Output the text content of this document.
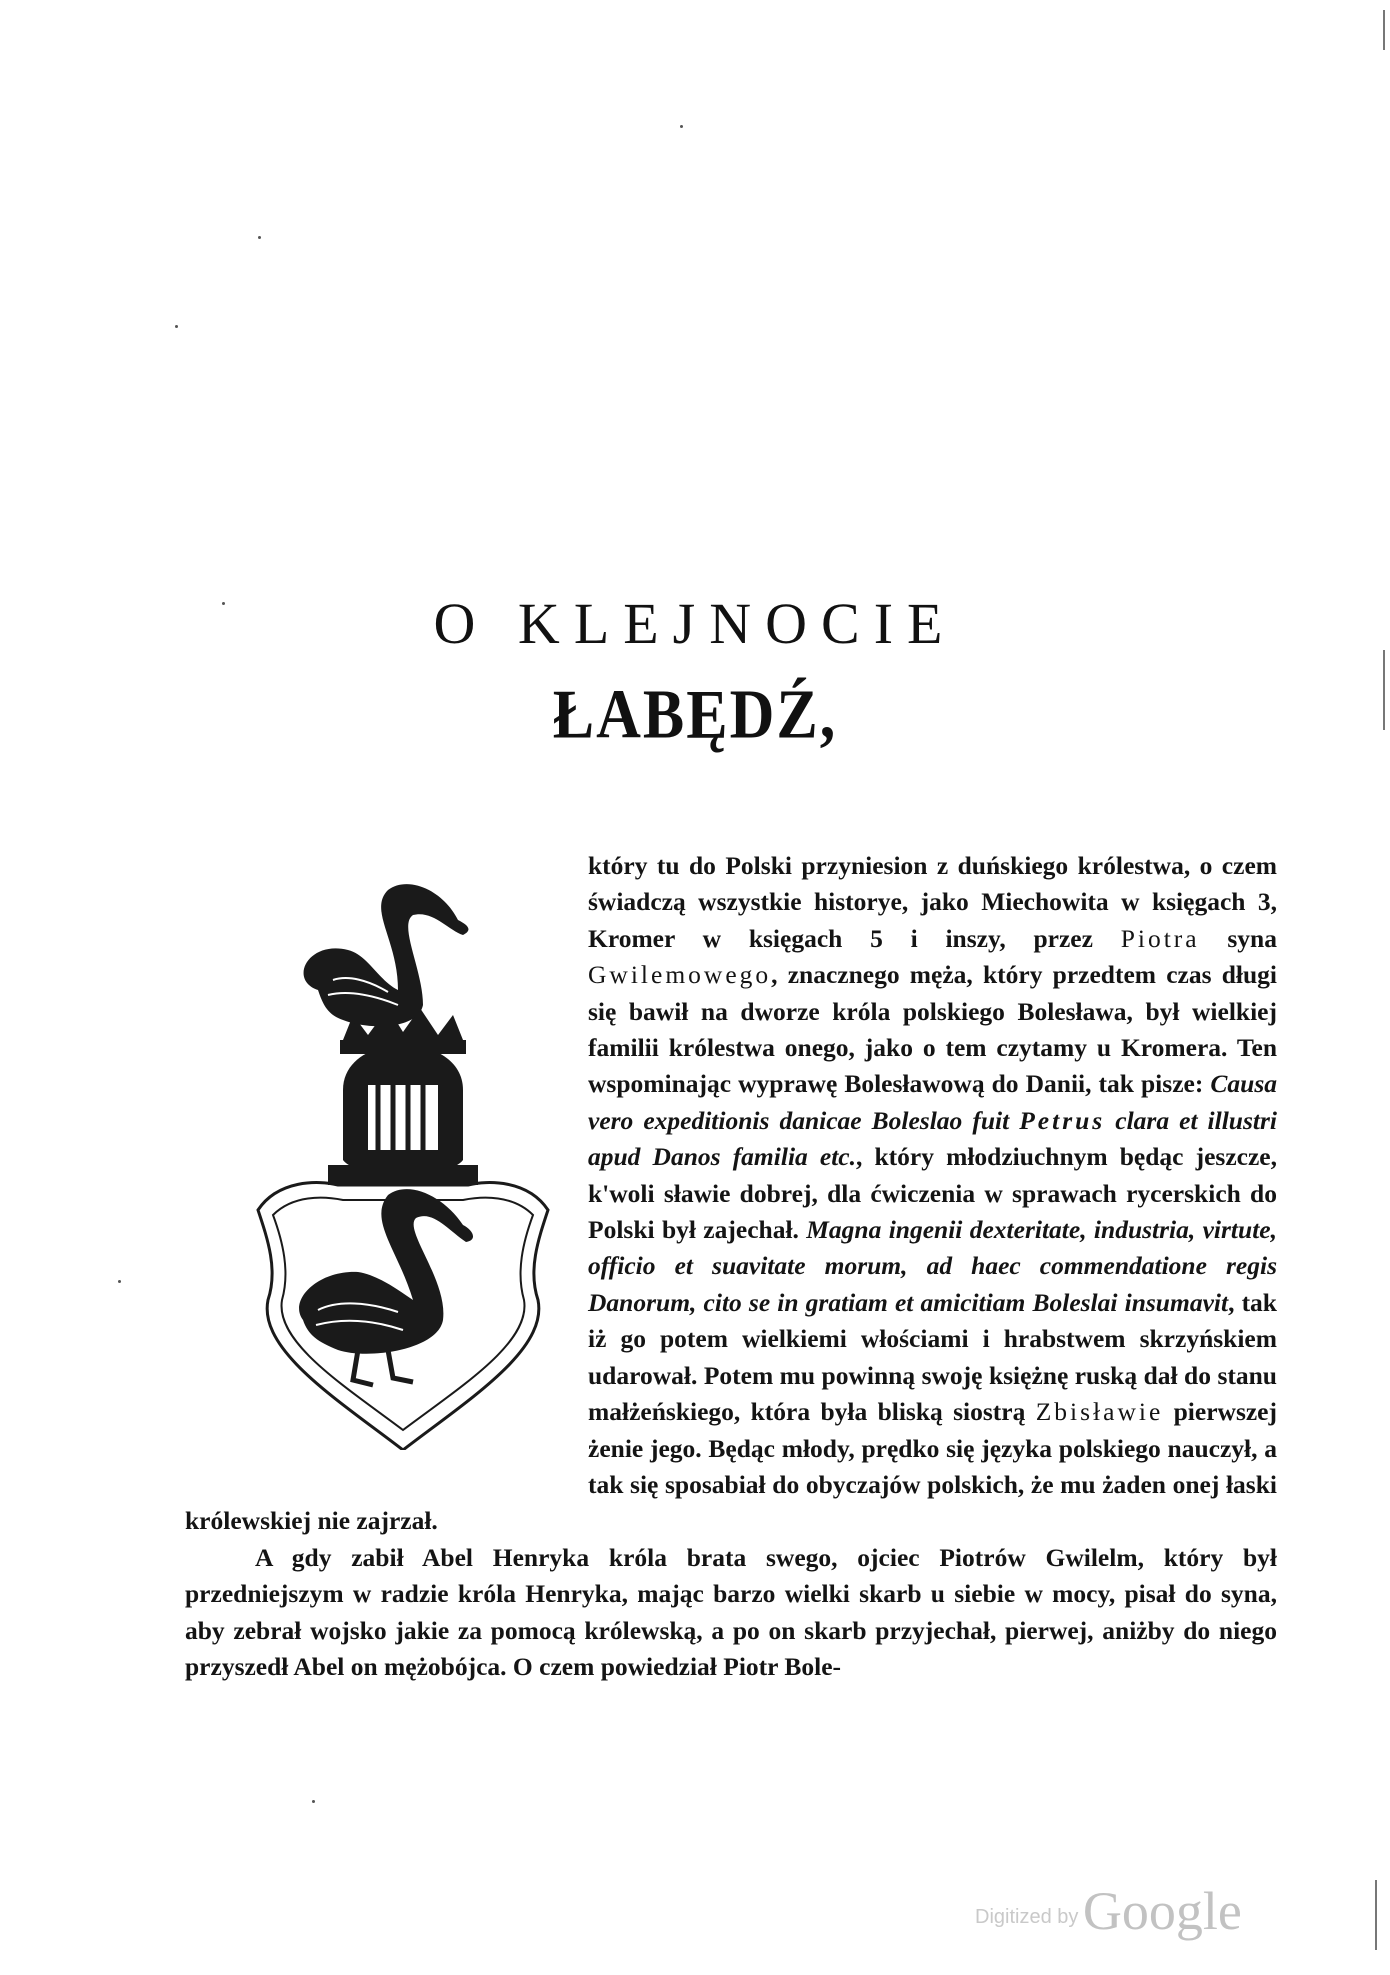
O KLEJNOCIE
ŁABĘDŹ,

który tu do Polski przyniesion z duńskiego królestwa, o czem świadczą wszystkie historye, jako Miechowita w księgach 3, Kromer w księgach 5 i inszy, przez Piotra syna Gwilemowego, znacznego męża, który przedtem czas długi się bawił na dworze króla polskiego Bolesława, był wielkiej familii królestwa onego, jako o tem czytamy u Kromera. Ten wspominając wyprawę Bolesławową do Danii, tak pisze: Causa vero expeditionis danicae Boleslao fuit Petrus clara et illustri apud Danos familia etc., który młodziuchnym będąc jeszcze, k'woli sławie dobrej, dla ćwiczenia w sprawach rycerskich do Polski był zajechał. Magna ingenii dexteritate, industria, virtute, officio et suavitate morum, ad haec commendatione regis Danorum, cito se in gratiam et amicitiam Boleslai insumavit, tak iż go potem wielkiemi włościami i hrabstwem skrzyńskiem udarował. Potem mu powinną swoję księżnę ruską dał do stanu małżeńskiego, która była bliską siostrą Zbisławie pierwszej żenie jego. Będąc młody, prędko się języka polskiego nauczył, a tak się sposabiał do obyczajów polskich, że mu żaden onej łaski królewskiej nie zajrzał.

A gdy zabił Abel Henryka króla brata swego, ojciec Piotrów Gwilelm, który był przedniejszym w radzie króla Henryka, mając barzo wielki skarb u siebie w mocy, pisał do syna, aby zebrał wojsko jakie za pomocą królewską, a po on skarb przyjechał, pierwej, aniżby do niego przyszedł Abel on mężobójca. O czem powiedział Piotr Bole-

Digitized by Google
